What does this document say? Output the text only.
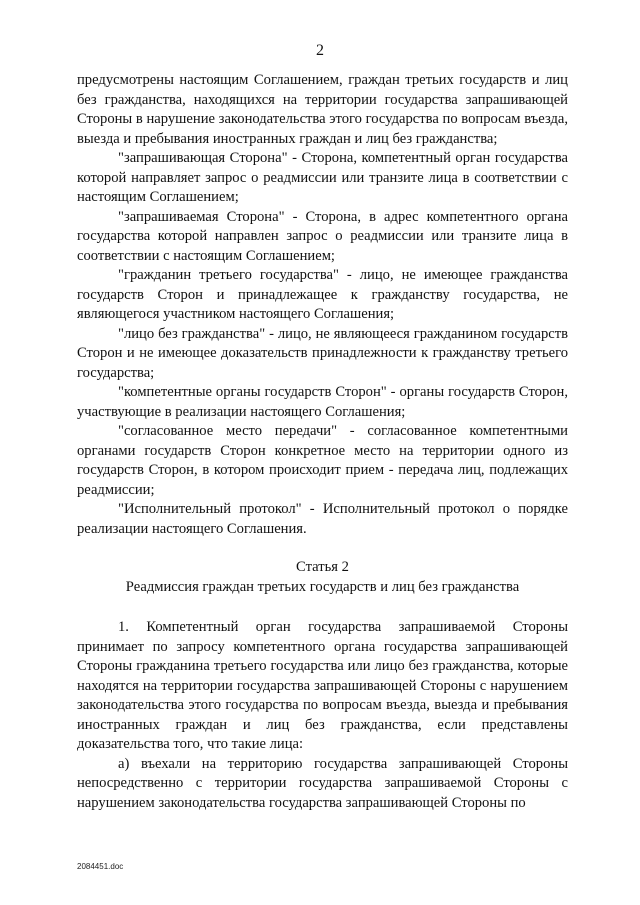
2

предусмотрены настоящим Соглашением, граждан третьих государств и лиц без гражданства, находящихся на территории государства запрашивающей Стороны в нарушение законодательства этого государства по вопросам въезда, выезда и пребывания иностранных граждан и лиц без гражданства;

"запрашивающая Сторона" - Сторона, компетентный орган государства которой направляет запрос о реадмиссии или транзите лица в соответствии с настоящим Соглашением;

"запрашиваемая Сторона" - Сторона, в адрес компетентного органа государства которой направлен запрос о реадмиссии или транзите лица в соответствии с настоящим Соглашением;

"гражданин третьего государства" - лицо, не имеющее гражданства государств Сторон и принадлежащее к гражданству государства, не являющегося участником настоящего Соглашения;

"лицо без гражданства" - лицо, не являющееся гражданином государств Сторон и не имеющее доказательств принадлежности к гражданству третьего государства;

"компетентные органы государств Сторон" - органы государств Сторон, участвующие в реализации настоящего Соглашения;

"согласованное место передачи" - согласованное компетентными органами государств Сторон конкретное место на территории одного из государств Сторон, в котором происходит прием - передача лиц, подлежащих реадмиссии;

"Исполнительный протокол" - Исполнительный протокол о порядке реализации настоящего Соглашения.

Статья 2

Реадмиссия граждан третьих государств и лиц без гражданства

1. Компетентный орган государства запрашиваемой Стороны принимает по запросу компетентного органа государства запрашивающей Стороны гражданина третьего государства или лицо без гражданства, которые находятся на территории государства запрашивающей Стороны с нарушением законодательства этого государства по вопросам въезда, выезда и пребывания иностранных граждан и лиц без гражданства, если представлены доказательства того, что такие лица:

а) въехали на территорию государства запрашивающей Стороны непосредственно с территории государства запрашиваемой Стороны с нарушением законодательства государства запрашивающей Стороны по

2084451.doc
